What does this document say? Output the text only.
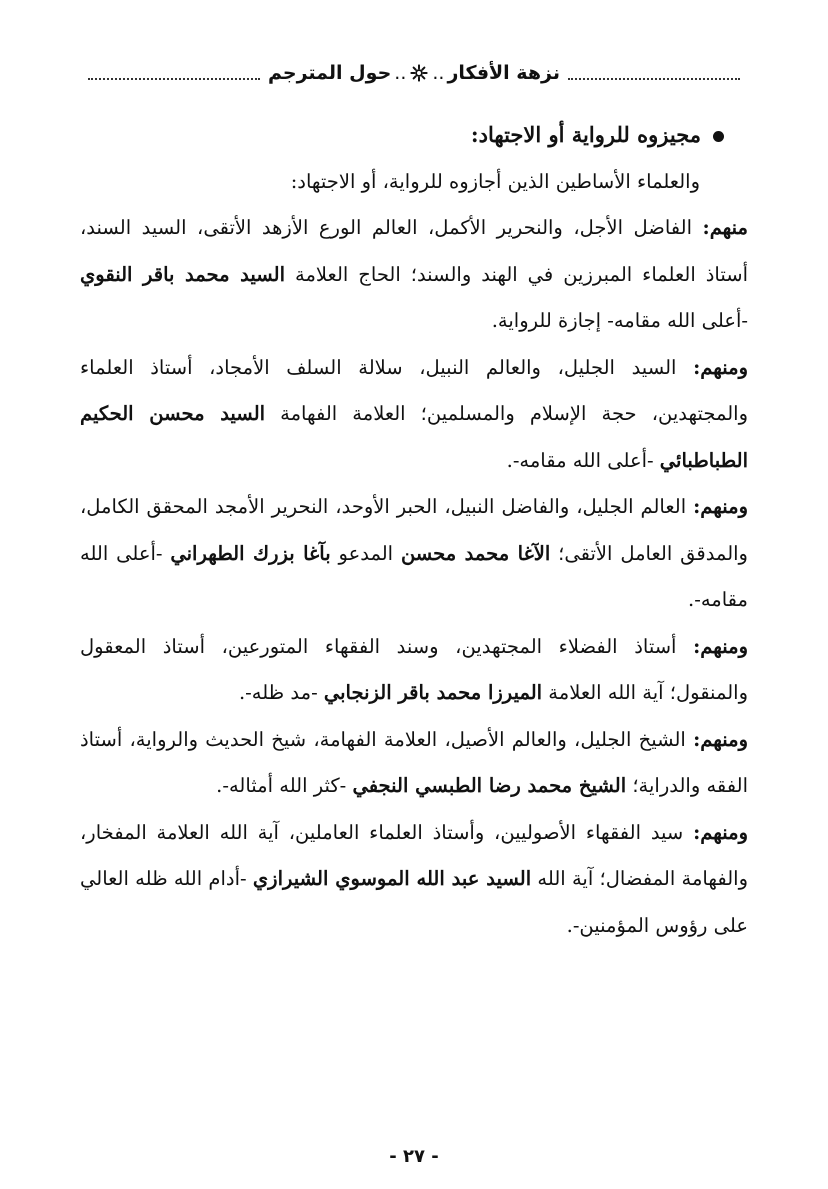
نزهة الأفكار
..
..
حول المترجم

مجيزوه للرواية أو الاجتهاد:

والعلماء الأساطين الذين أجازوه للرواية، أو الاجتهاد:

منهم: الفاضل الأجل، والنحرير الأكمل، العالم الورع الأزهد الأتقى، السيد السند، أستاذ العلماء المبرزين في الهند والسند؛ الحاج العلامة السيد محمد باقر النقوي -أعلى الله مقامه- إجازة للرواية.

ومنهم: السيد الجليل، والعالم النبيل، سلالة السلف الأمجاد، أستاذ العلماء والمجتهدين، حجة الإسلام والمسلمين؛ العلامة الفهامة السيد محسن الحكيم الطباطبائي -أعلى الله مقامه-.

ومنهم: العالم الجليل، والفاضل النبيل، الحبر الأوحد، النحرير الأمجد المحقق الكامل، والمدقق العامل الأتقى؛ الآغا محمد محسن المدعو بآغا بزرك الطهراني -أعلى الله مقامه-.

ومنهم: أستاذ الفضلاء المجتهدين، وسند الفقهاء المتورعين، أستاذ المعقول والمنقول؛ آية الله العلامة الميرزا محمد باقر الزنجابي -مد ظله-.

ومنهم: الشيخ الجليل، والعالم الأصيل، العلامة الفهامة، شيخ الحديث والرواية، أستاذ الفقه والدراية؛ الشيخ محمد رضا الطبسي النجفي -كثر الله أمثاله-.

ومنهم: سيد الفقهاء الأصوليين، وأستاذ العلماء العاملين، آية الله العلامة المفخار، والفهامة المفضال؛ آية الله السيد عبد الله الموسوي الشيرازي -أدام الله ظله العالي على رؤوس المؤمنين-.

- ٢٧ -
